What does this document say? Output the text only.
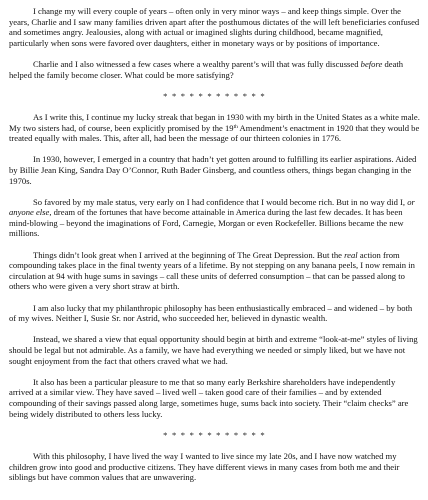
I change my will every couple of years – often only in very minor ways – and keep things simple. Over the years, Charlie and I saw many families driven apart after the posthumous dictates of the will left beneficiaries confused and sometimes angry. Jealousies, along with actual or imagined slights during childhood, became magnified, particularly when sons were favored over daughters, either in monetary ways or by positions of importance.

Charlie and I also witnessed a few cases where a wealthy parent’s will that was fully discussed before death helped the family become closer. What could be more satisfying?

* * * * * * * * * * * *

As I write this, I continue my lucky streak that began in 1930 with my birth in the United States as a white male. My two sisters had, of course, been explicitly promised by the 19th Amendment’s enactment in 1920 that they would be treated equally with males. This, after all, had been the message of our thirteen colonies in 1776.

In 1930, however, I emerged in a country that hadn’t yet gotten around to fulfilling its earlier aspirations. Aided by Billie Jean King, Sandra Day O’Connor, Ruth Bader Ginsberg, and countless others, things began changing in the 1970s.

So favored by my male status, very early on I had confidence that I would become rich. But in no way did I, or anyone else, dream of the fortunes that have become attainable in America during the last few decades. It has been mind-blowing – beyond the imaginations of Ford, Carnegie, Morgan or even Rockefeller. Billions became the new millions.

Things didn’t look great when I arrived at the beginning of The Great Depression. But the real action from compounding takes place in the final twenty years of a lifetime. By not stepping on any banana peels, I now remain in circulation at 94 with huge sums in savings – call these units of deferred consumption – that can be passed along to others who were given a very short straw at birth.

I am also lucky that my philanthropic philosophy has been enthusiastically embraced – and widened – by both of my wives. Neither I, Susie Sr. nor Astrid, who succeeded her, believed in dynastic wealth.

Instead, we shared a view that equal opportunity should begin at birth and extreme “look-at-me” styles of living should be legal but not admirable. As a family, we have had everything we needed or simply liked, but we have not sought enjoyment from the fact that others craved what we had.

It also has been a particular pleasure to me that so many early Berkshire shareholders have independently arrived at a similar view. They have saved – lived well – taken good care of their families – and by extended compounding of their savings passed along large, sometimes huge, sums back into society. Their “claim checks” are being widely distributed to others less lucky.

* * * * * * * * * * * *

With this philosophy, I have lived the way I wanted to live since my late 20s, and I have now watched my children grow into good and productive citizens. They have different views in many cases from both me and their siblings but have common values that are unwavering.
